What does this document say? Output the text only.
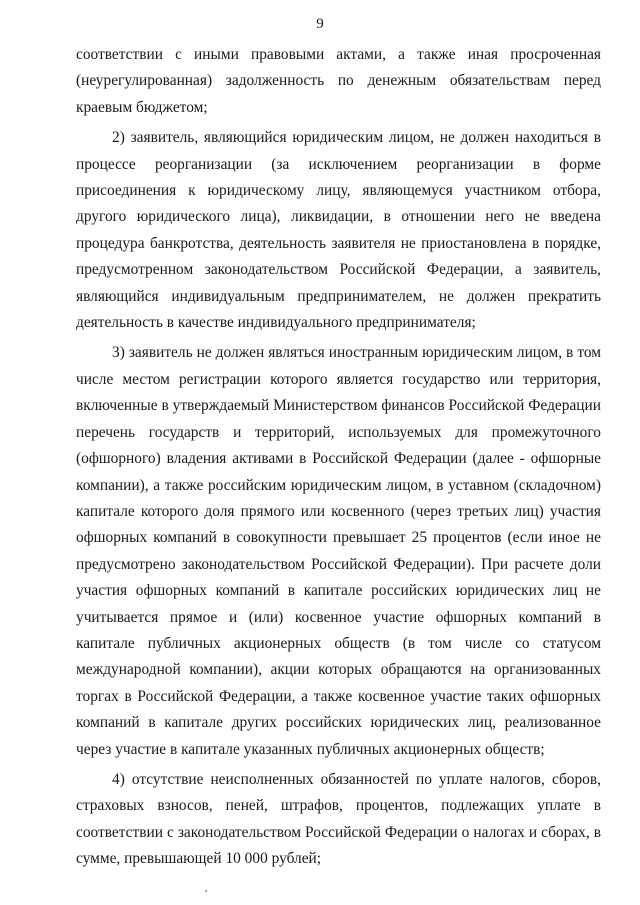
9

соответствии с иными правовыми актами, а также иная просроченная (неурегулированная) задолженность по денежным обязательствам перед краевым бюджетом;

2) заявитель, являющийся юридическим лицом, не должен находиться в процессе реорганизации (за исключением реорганизации в форме присоединения к юридическому лицу, являющемуся участником отбора, другого юридического лица), ликвидации, в отношении него не введена процедура банкротства, деятельность заявителя не приостановлена в порядке, предусмотренном законодательством Российской Федерации, а заявитель, являющийся индивидуальным предпринимателем, не должен прекратить деятельность в качестве индивидуального предпринимателя;

3) заявитель не должен являться иностранным юридическим лицом, в том числе местом регистрации которого является государство или территория, включенные в утверждаемый Министерством финансов Российской Федерации перечень государств и территорий, используемых для промежуточного (офшорного) владения активами в Российской Федерации (далее - офшорные компании), а также российским юридическим лицом, в уставном (складочном) капитале которого доля прямого или косвенного (через третьих лиц) участия офшорных компаний в совокупности превышает 25 процентов (если иное не предусмотрено законодательством Российской Федерации). При расчете доли участия офшорных компаний в капитале российских юридических лиц не учитывается прямое и (или) косвенное участие офшорных компаний в капитале публичных акционерных обществ (в том числе со статусом международной компании), акции которых обращаются на организованных торгах в Российской Федерации, а также косвенное участие таких офшорных компаний в капитале других российских юридических лиц, реализованное через участие в капитале указанных публичных акционерных обществ;

4) отсутствие неисполненных обязанностей по уплате налогов, сборов, страховых взносов, пеней, штрафов, процентов, подлежащих уплате в соответствии с законодательством Российской Федерации о налогах и сборах, в сумме, превышающей 10 000 рублей;
